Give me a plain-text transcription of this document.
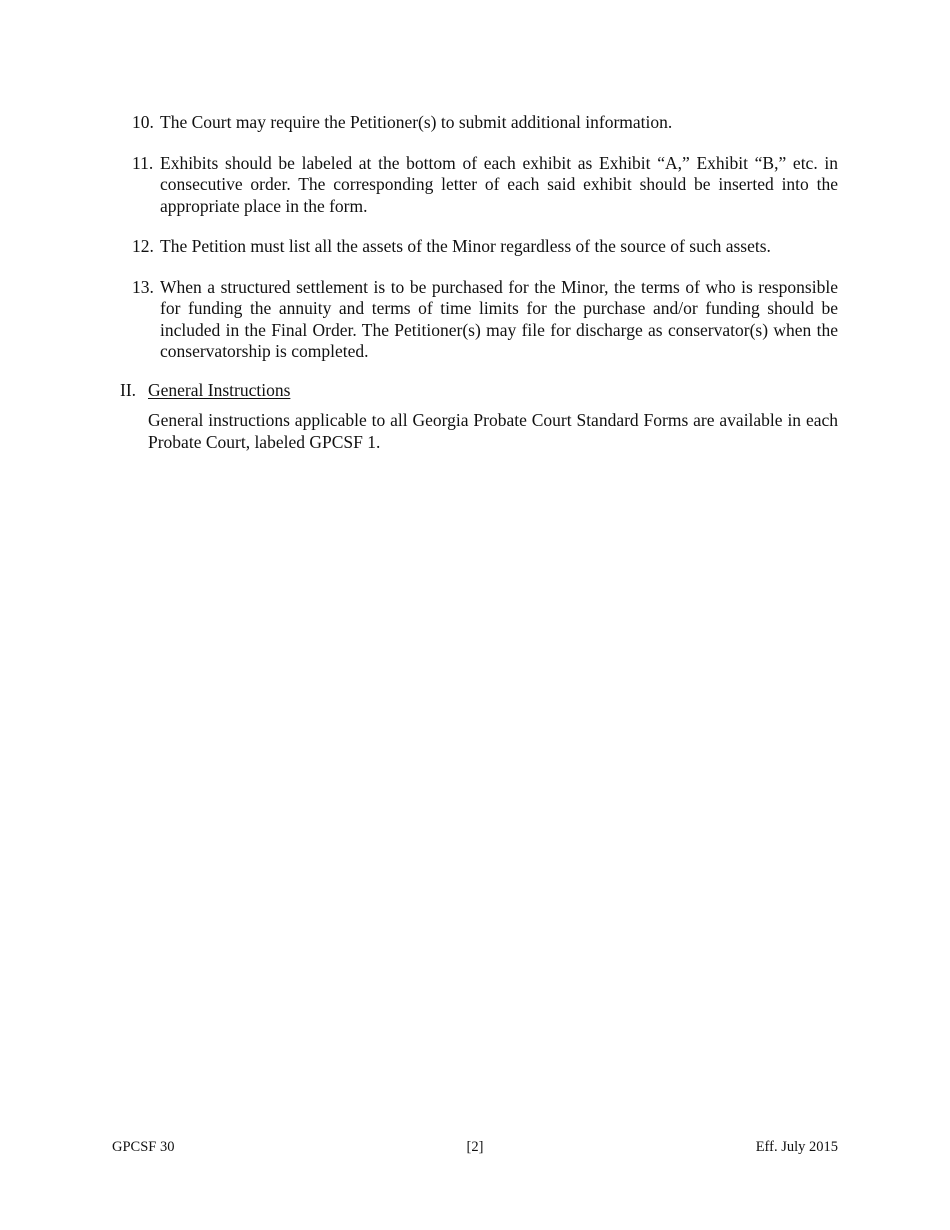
10. The Court may require the Petitioner(s) to submit additional information.
11. Exhibits should be labeled at the bottom of each exhibit as Exhibit “A,” Exhibit “B,” etc. in consecutive order. The corresponding letter of each said exhibit should be inserted into the appropriate place in the form.
12. The Petition must list all the assets of the Minor regardless of the source of such assets.
13. When a structured settlement is to be purchased for the Minor, the terms of who is responsible for funding the annuity and terms of time limits for the purchase and/or funding should be included in the Final Order. The Petitioner(s) may file for discharge as conservator(s) when the conservatorship is completed.
II. General Instructions
General instructions applicable to all Georgia Probate Court Standard Forms are available in each Probate Court, labeled GPCSF 1.
GPCSF 30	[2]	Eff. July 2015
